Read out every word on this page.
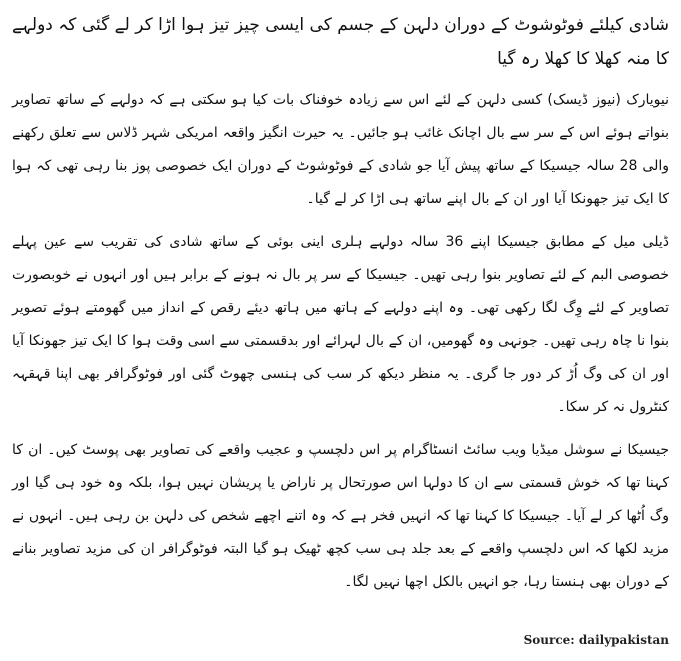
شادی کیلئے فوٹوشوٹ کے دوران دلہن کے جسم کی ایسی چیز تیز ہوا اڑا کر لے گئی کہ دولہے کا منہ کھلا کا کھلا رہ گیا

نیویارک (نیوز ڈیسک) کسی دلہن کے لئے اس سے زیادہ خوفناک بات کیا ہو سکتی ہے کہ دولہے کے ساتھ تصاویر بنواتے ہوئے اس کے سر سے بال اچانک غائب ہو جائیں۔ یہ حیرت انگیز واقعہ امریکی شہر ڈلاس سے تعلق رکھنے والی 28 سالہ جیسیکا کے ساتھ پیش آیا جو شادی کے فوٹوشوٹ کے دوران ایک خصوصی پوز بنا رہی تھی کہ ہوا کا ایک تیز جھونکا آیا اور ان کے بال اپنے ساتھ ہی اڑا کر لے گیا۔

ڈیلی میل کے مطابق جیسیکا اپنے 36 سالہ دولہے ہلری اینی بوئی کے ساتھ شادی کی تقریب سے عین پہلے خصوصی البم کے لئے تصاویر بنوا رہی تھیں۔ جیسیکا کے سر پر بال نہ ہونے کے برابر ہیں اور انہوں نے خوبصورت تصاویر کے لئے وِگ لگا رکھی تھی۔ وہ اپنے دولہے کے ہاتھ میں ہاتھ دیئے رقص کے انداز میں گھومتے ہوئے تصویر بنوا نا چاہ رہی تھیں۔ جونہی وہ گھومیں، ان کے بال لہرائے اور بدقسمتی سے اسی وقت ہوا کا ایک تیز جھونکا آیا اور ان کی وگ اُڑ کر دور جا گری۔ یہ منظر دیکھ کر سب کی ہنسی چھوٹ گئی اور فوٹوگرافر بھی اپنا قہقہہ کنٹرول نہ کر سکا۔

جیسیکا نے سوشل میڈیا ویب سائٹ انسٹاگرام پر اس دلچسپ و عجیب واقعے کی تصاویر بھی پوسٹ کیں۔ ان کا کہنا تھا کہ خوش قسمتی سے ان کا دولہا اس صورتحال پر ناراض یا پریشان نہیں ہوا، بلکہ وہ خود ہی گیا اور وگ اُٹھا کر لے آیا۔ جیسیکا کا کہنا تھا کہ انہیں فخر ہے کہ وہ اتنے اچھے شخص کی دلہن بن رہی ہیں۔ انہوں نے مزید لکھا کہ اس دلچسپ واقعے کے بعد جلد ہی سب کچھ ٹھیک ہو گیا البتہ فوٹوگرافر ان کی مزید تصاویر بنانے کے دوران بھی ہنستا رہا، جو انہیں بالکل اچھا نہیں لگا۔

Source: dailypakistan
